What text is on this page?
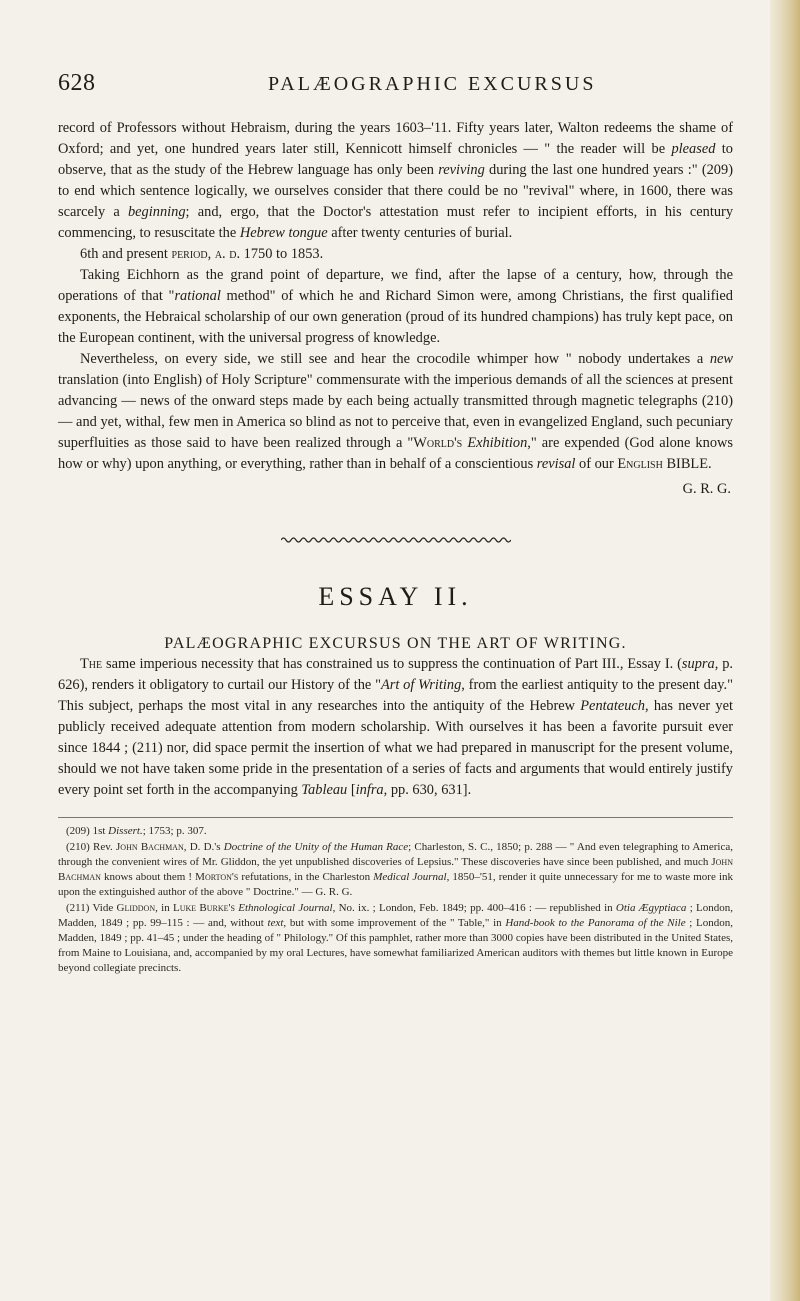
628	PALÆOGRAPHIC EXCURSUS

record of Professors without Hebraism, during the years 1603–'11. Fifty years later, Walton redeems the shame of Oxford; and yet, one hundred years later still, Kennicott himself chronicles — " the reader will be pleased to observe, that as the study of the Hebrew language has only been reviving during the last one hundred years :" (209) to end which sentence logically, we ourselves consider that there could be no "revival" where, in 1600, there was scarcely a beginning; and, ergo, that the Doctor's attestation must refer to incipient efforts, in his century commencing, to resuscitate the Hebrew tongue after twenty centuries of burial.

6th and present period, a. d. 1750 to 1853.

Taking Eichhorn as the grand point of departure, we find, after the lapse of a century, how, through the operations of that "rational method" of which he and Richard Simon were, among Christians, the first qualified exponents, the Hebraical scholarship of our own generation (proud of its hundred champions) has truly kept pace, on the European continent, with the universal progress of knowledge.

Nevertheless, on every side, we still see and hear the crocodile whimper how " nobody undertakes a new translation (into English) of Holy Scripture" commensurate with the imperious demands of all the sciences at present advancing — news of the onward steps made by each being actually transmitted through magnetic telegraphs (210) — and yet, withal, few men in America so blind as not to perceive that, even in evangelized England, such pecuniary superfluities as those said to have been realized through a "World's Exhibition," are expended (God alone knows how or why) upon anything, or everything, rather than in behalf of a conscientious revisal of our English BIBLE.

G. R. G.
ESSAY II.
PALÆOGRAPHIC EXCURSUS ON THE ART OF WRITING.

The same imperious necessity that has constrained us to suppress the continuation of Part III., Essay I. (supra, p. 626), renders it obligatory to curtail our History of the "Art of Writing, from the earliest antiquity to the present day." This subject, perhaps the most vital in any researches into the antiquity of the Hebrew Pentateuch, has never yet publicly received adequate attention from modern scholarship. With ourselves it has been a favorite pursuit ever since 1844 ; (211) nor, did space permit the insertion of what we had prepared in manuscript for the present volume, should we not have taken some pride in the presentation of a series of facts and arguments that would entirely justify every point set forth in the accompanying Tableau [infra, pp. 630, 631].

(209) 1st Dissert.; 1753; p. 307.

(210) Rev. John Bachman, D. D.'s Doctrine of the Unity of the Human Race; Charleston, S. C., 1850; p. 288 — " And even telegraphing to America, through the convenient wires of Mr. Gliddon, the yet unpublished discoveries of Lepsius." These discoveries have since been published, and much John Bachman knows about them ! Morton's refutations, in the Charleston Medical Journal, 1850–'51, render it quite unnecessary for me to waste more ink upon the extinguished author of the above " Doctrine." — G. R. G.

(211) Vide Gliddon, in Luke Burke's Ethnological Journal, No. ix. ; London, Feb. 1849; pp. 400–416 : — republished in Otia Ægyptiaca ; London, Madden, 1849 ; pp. 99–115 : — and, without text, but with some improvement of the " Table," in Hand-book to the Panorama of the Nile ; London, Madden, 1849 ; pp. 41–45 ; under the heading of " Philology." Of this pamphlet, rather more than 3000 copies have been distributed in the United States, from Maine to Louisiana, and, accompanied by my oral Lectures, have somewhat familiarized American auditors with themes but little known in Europe beyond collegiate precincts.
